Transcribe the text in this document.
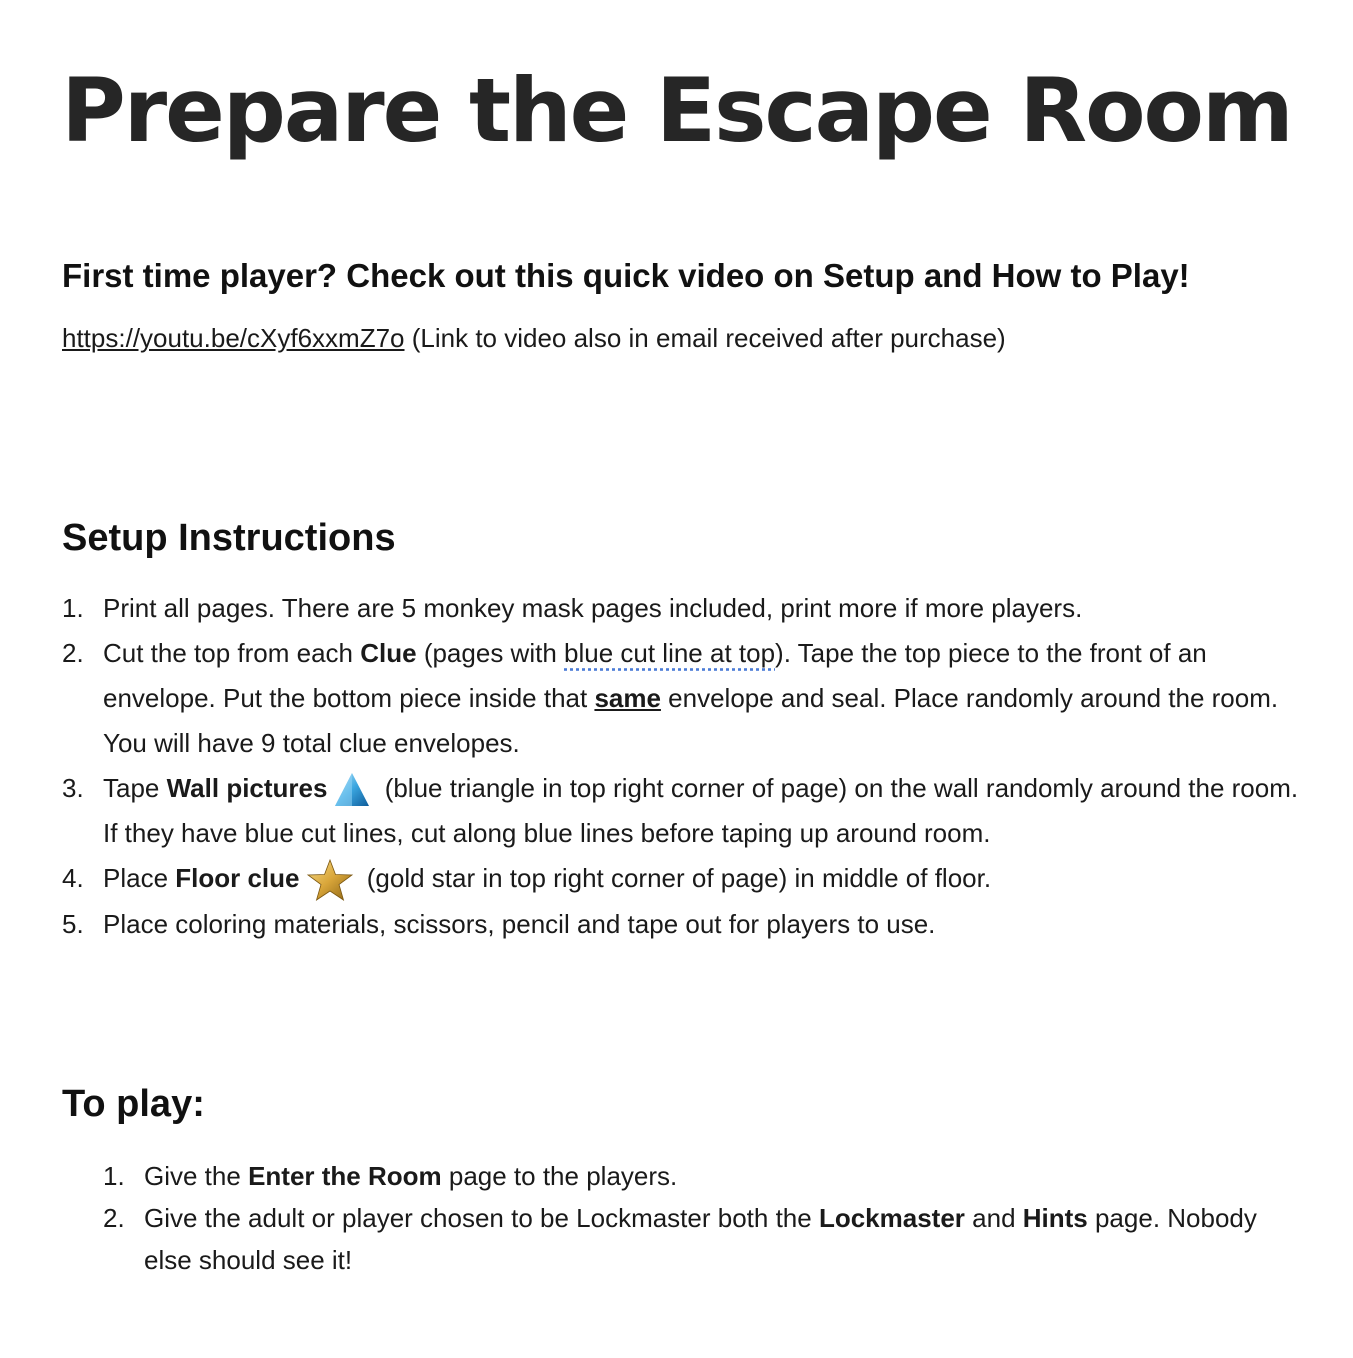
Prepare the Escape Room
First time player? Check out this quick video on Setup and How to Play!
https://youtu.be/cXyf6xxmZ7o (Link to video also in email received after purchase)
Setup Instructions
1. Print all pages. There are 5 monkey mask pages included, print more if more players.
2. Cut the top from each Clue (pages with blue cut line at top). Tape the top piece to the front of an envelope. Put the bottom piece inside that same envelope and seal. Place randomly around the room. You will have 9 total clue envelopes.
3. Tape Wall pictures
(blue triangle in top right corner of page) on the wall randomly around the room. If they have blue cut lines, cut along blue lines before taping up around room.
4. Place Floor clue
(gold star in top right corner of page) in middle of floor.
5. Place coloring materials, scissors, pencil and tape out for players to use.
To play:
1. Give the Enter the Room page to the players.
2. Give the adult or player chosen to be Lockmaster both the Lockmaster and Hints page. Nobody else should see it!
